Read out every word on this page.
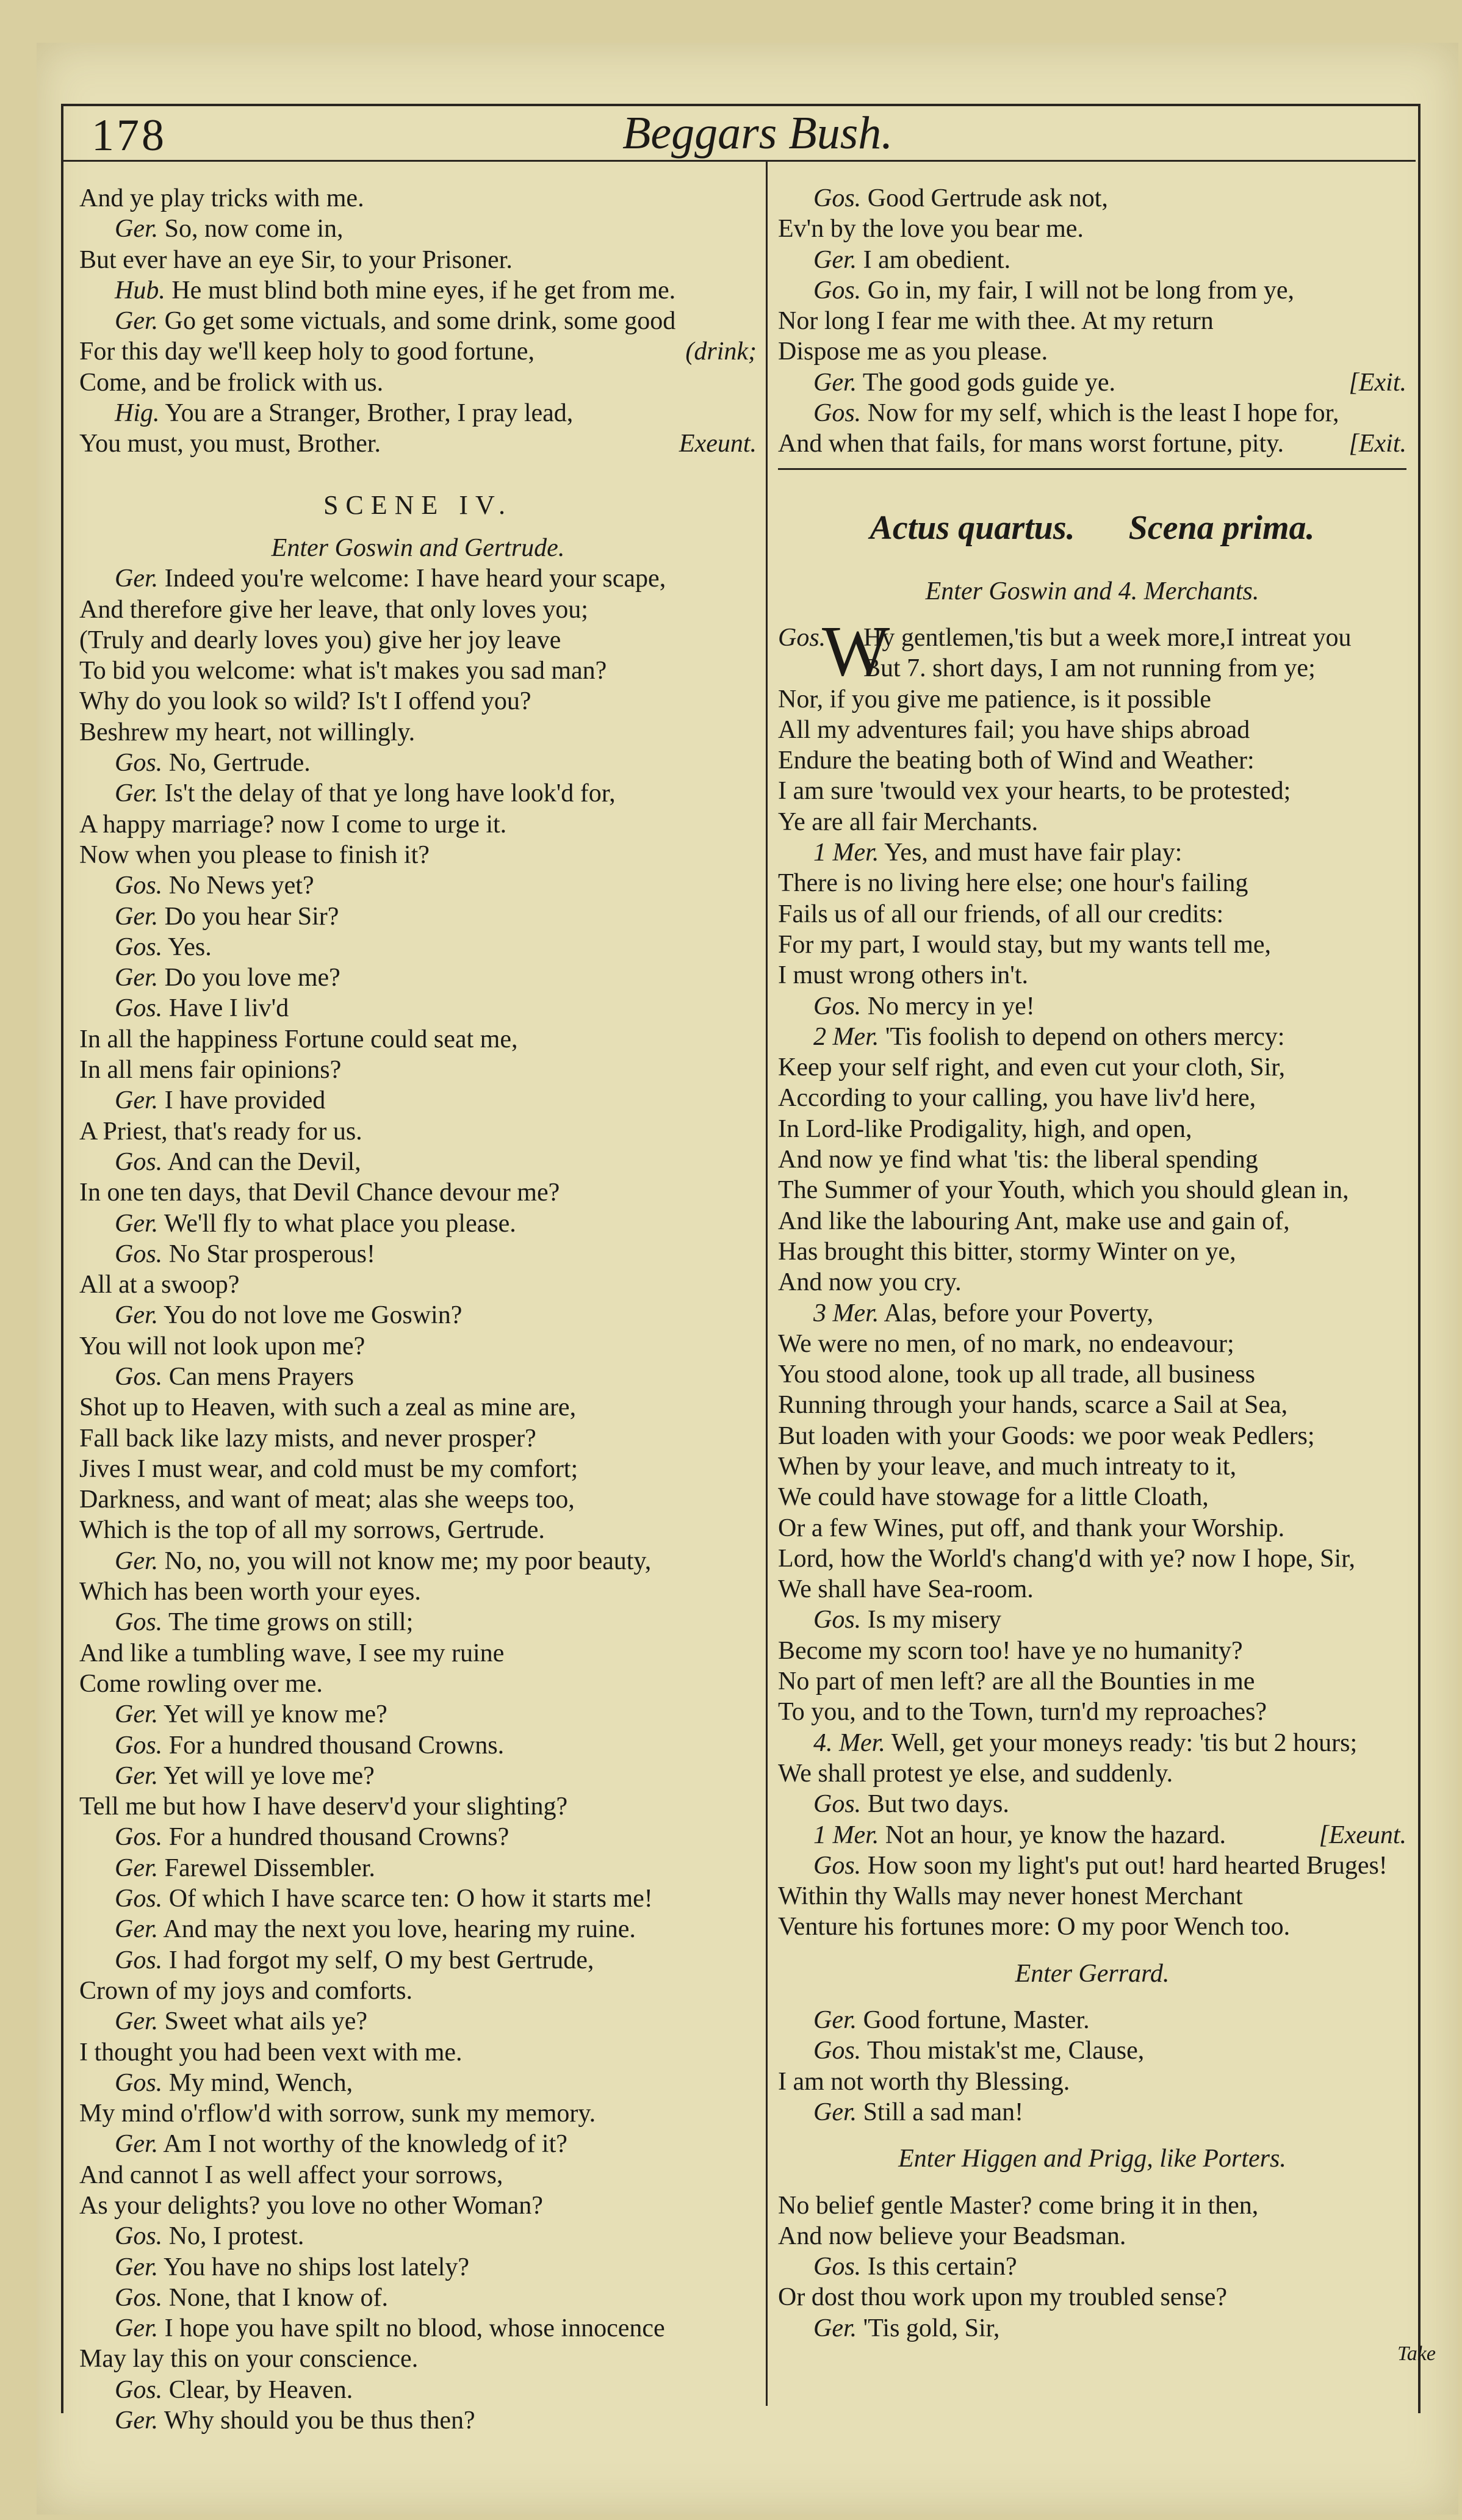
178	Beggars Bush.
And ye play tricks with me.
Ger. So, now come in,
But ever have an eye Sir, to your Prisoner.
Hub. He must blind both mine eyes, if he get from me.
Ger. Go get some victuals, and some drink, some good
For this day we'll keep holy to good fortune,	(drink;
Come, and be frolick with us.
Hig. You are a Stranger, Brother, I pray lead,
You must, you must, Brother.	Exeunt.
SCENE IV.
Enter Goswin and Gertrude.
Ger. Indeed you're welcome: I have heard your scape,
And therefore give her leave, that only loves you;
(Truly and dearly loves you) give her joy leave
To bid you welcome: what is't makes you sad man?
Why do you look so wild? Is't I offend you?
Beshrew my heart, not willingly.
Gos. No, Gertrude.
Ger. Is't the delay of that ye long have look'd for,
A happy marriage? now I come to urge it.
Now when you please to finish it?
Gos. No News yet?
Ger. Do you hear Sir?
Gos. Yes.
Ger. Do you love me?
Gos. Have I liv'd
In all the happiness Fortune could seat me,
In all mens fair opinions?
Ger. I have provided
A Priest, that's ready for us.
Gos. And can the Devil,
In one ten days, that Devil Chance devour me?
Ger. We'll fly to what place you please.
Gos. No Star prosperous!
All at a swoop?
Ger. You do not love me Goswin?
You will not look upon me?
Gos. Can mens Prayers
Shot up to Heaven, with such a zeal as mine are,
Fall back like lazy mists, and never prosper?
Jives I must wear, and cold must be my comfort;
Darkness, and want of meat; alas she weeps too,
Which is the top of all my sorrows, Gertrude.
Ger. No, no, you will not know me; my poor beauty,
Which has been worth your eyes.
Gos. The time grows on still;
And like a tumbling wave, I see my ruine
Come rowling over me.
Ger. Yet will ye know me?
Gos. For a hundred thousand Crowns.
Ger. Yet will ye love me?
Tell me but how I have deserv'd your slighting?
Gos. For a hundred thousand Crowns?
Ger. Farewel Dissembler.
Gos. Of which I have scarce ten: O how it starts me!
Ger. And may the next you love, hearing my ruine.
Gos. I had forgot my self, O my best Gertrude,
Crown of my joys and comforts.
Ger. Sweet what ails ye?
I thought you had been vext with me.
Gos. My mind, Wench,
My mind o'rflow'd with sorrow, sunk my memory.
Ger. Am I not worthy of the knowledg of it?
And cannot I as well affect your sorrows,
As your delights? you love no other Woman?
Gos. No, I protest.
Ger. You have no ships lost lately?
Gos. None, that I know of.
Ger. I hope you have spilt no blood, whose innocence
May lay this on your conscience.
Gos. Clear, by Heaven.
Ger. Why should you be thus then?
Gos. Good Gertrude ask not,
Ev'n by the love you bear me.
Ger. I am obedient.
Gos. Go in, my fair, I will not be long from ye,
Nor long I fear me with thee. At my return
Dispose me as you please.
Ger. The good gods guide ye.	[Exit.
Gos. Now for my self, which is the least I hope for,
And when that fails, for mans worst fortune, pity.	[Exit.
Actus quartus. Scena prima.
Enter Goswin and 4. Merchants.
Gos.
W
Hy gentlemen,'tis but a week more,I intreat you
But 7. short days, I am not running from ye;
Nor, if you give me patience, is it possible
All my adventures fail; you have ships abroad
Endure the beating both of Wind and Weather:
I am sure 'twould vex your hearts, to be protested;
Ye are all fair Merchants.
1 Mer. Yes, and must have fair play:
There is no living here else; one hour's failing
Fails us of all our friends, of all our credits:
For my part, I would stay, but my wants tell me,
I must wrong others in't.
Gos. No mercy in ye!
2 Mer. 'Tis foolish to depend on others mercy:
Keep your self right, and even cut your cloth, Sir,
According to your calling, you have liv'd here,
In Lord-like Prodigality, high, and open,
And now ye find what 'tis: the liberal spending
The Summer of your Youth, which you should glean in,
And like the labouring Ant, make use and gain of,
Has brought this bitter, stormy Winter on ye,
And now you cry.
3 Mer. Alas, before your Poverty,
We were no men, of no mark, no endeavour;
You stood alone, took up all trade, all business
Running through your hands, scarce a Sail at Sea,
But loaden with your Goods: we poor weak Pedlers;
When by your leave, and much intreaty to it,
We could have stowage for a little Cloath,
Or a few Wines, put off, and thank your Worship.
Lord, how the World's chang'd with ye? now I hope, Sir,
We shall have Sea-room.
Gos. Is my misery
Become my scorn too! have ye no humanity?
No part of men left? are all the Bounties in me
To you, and to the Town, turn'd my reproaches?
4. Mer. Well, get your moneys ready: 'tis but 2 hours;
We shall protest ye else, and suddenly.
Gos. But two days.
1 Mer. Not an hour, ye know the hazard.	[Exeunt.
Gos. How soon my light's put out! hard hearted Bruges!
Within thy Walls may never honest Merchant
Venture his fortunes more: O my poor Wench too.
Enter Gerrard.
Ger. Good fortune, Master.
Gos. Thou mistak'st me, Clause,
I am not worth thy Blessing.
Ger. Still a sad man!
Enter Higgen and Prigg, like Porters.
No belief gentle Master? come bring it in then,
And now believe your Beadsman.
Gos. Is this certain?
Or dost thou work upon my troubled sense?
Ger. 'Tis gold, Sir,
Take
